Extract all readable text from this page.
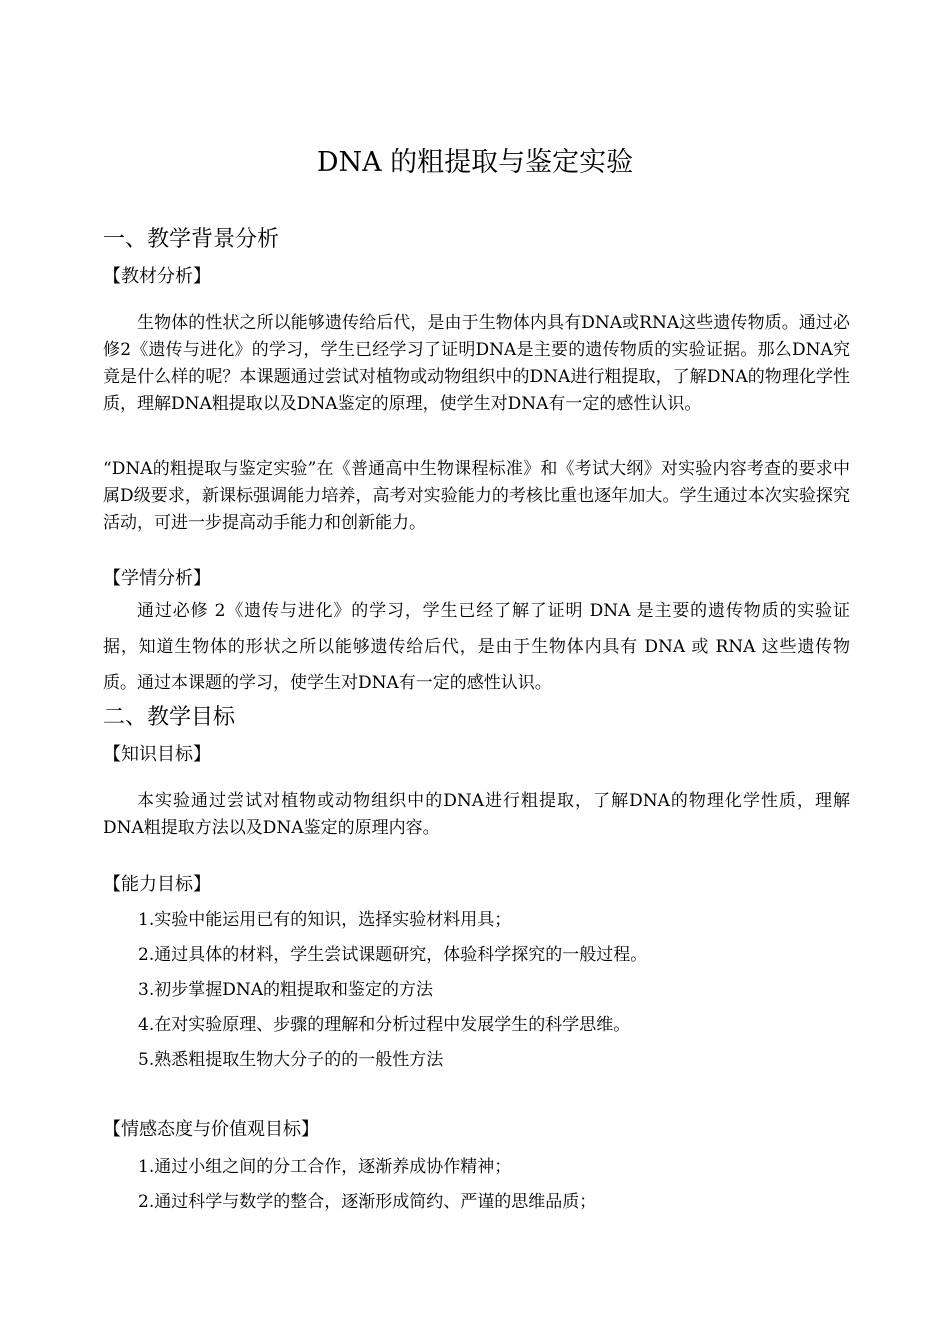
DNA 的粗提取与鉴定实验
一、教学背景分析
【教材分析】
生物体的性状之所以能够遗传给后代，是由于生物体内具有DNA或RNA这些遗传物质。通过必修2《遗传与进化》的学习，学生已经学习了证明DNA是主要的遗传物质的实验证据。那么DNA究竟是什么样的呢？本课题通过尝试对植物或动物组织中的DNA进行粗提取，了解DNA的物理化学性质，理解DNA粗提取以及DNA鉴定的原理，使学生对DNA有一定的感性认识。
“DNA的粗提取与鉴定实验”在《普通高中生物课程标准》和《考试大纲》对实验内容考查的要求中属D级要求，新课标强调能力培养，高考对实验能力的考核比重也逐年加大。学生通过本次实验探究活动，可进一步提高动手能力和创新能力。
【学情分析】
通过必修 2《遗传与进化》的学习，学生已经了解了证明 DNA 是主要的遗传物质的实验证据，知道生物体的形状之所以能够遗传给后代，是由于生物体内具有 DNA 或 RNA 这些遗传物质。通过本课题的学习，使学生对DNA有一定的感性认识。
二、教学目标
【知识目标】
本实验通过尝试对植物或动物组织中的DNA进行粗提取，了解DNA的物理化学性质，理解DNA粗提取方法以及DNA鉴定的原理内容。
【能力目标】
1.实验中能运用已有的知识，选择实验材料用具；
2.通过具体的材料，学生尝试课题研究，体验科学探究的一般过程。
3.初步掌握DNA的粗提取和鉴定的方法
4.在对实验原理、步骤的理解和分析过程中发展学生的科学思维。
5.熟悉粗提取生物大分子的的一般性方法
【情感态度与价值观目标】
1.通过小组之间的分工合作，逐渐养成协作精神；
2.通过科学与数学的整合，逐渐形成简约、严谨的思维品质；
